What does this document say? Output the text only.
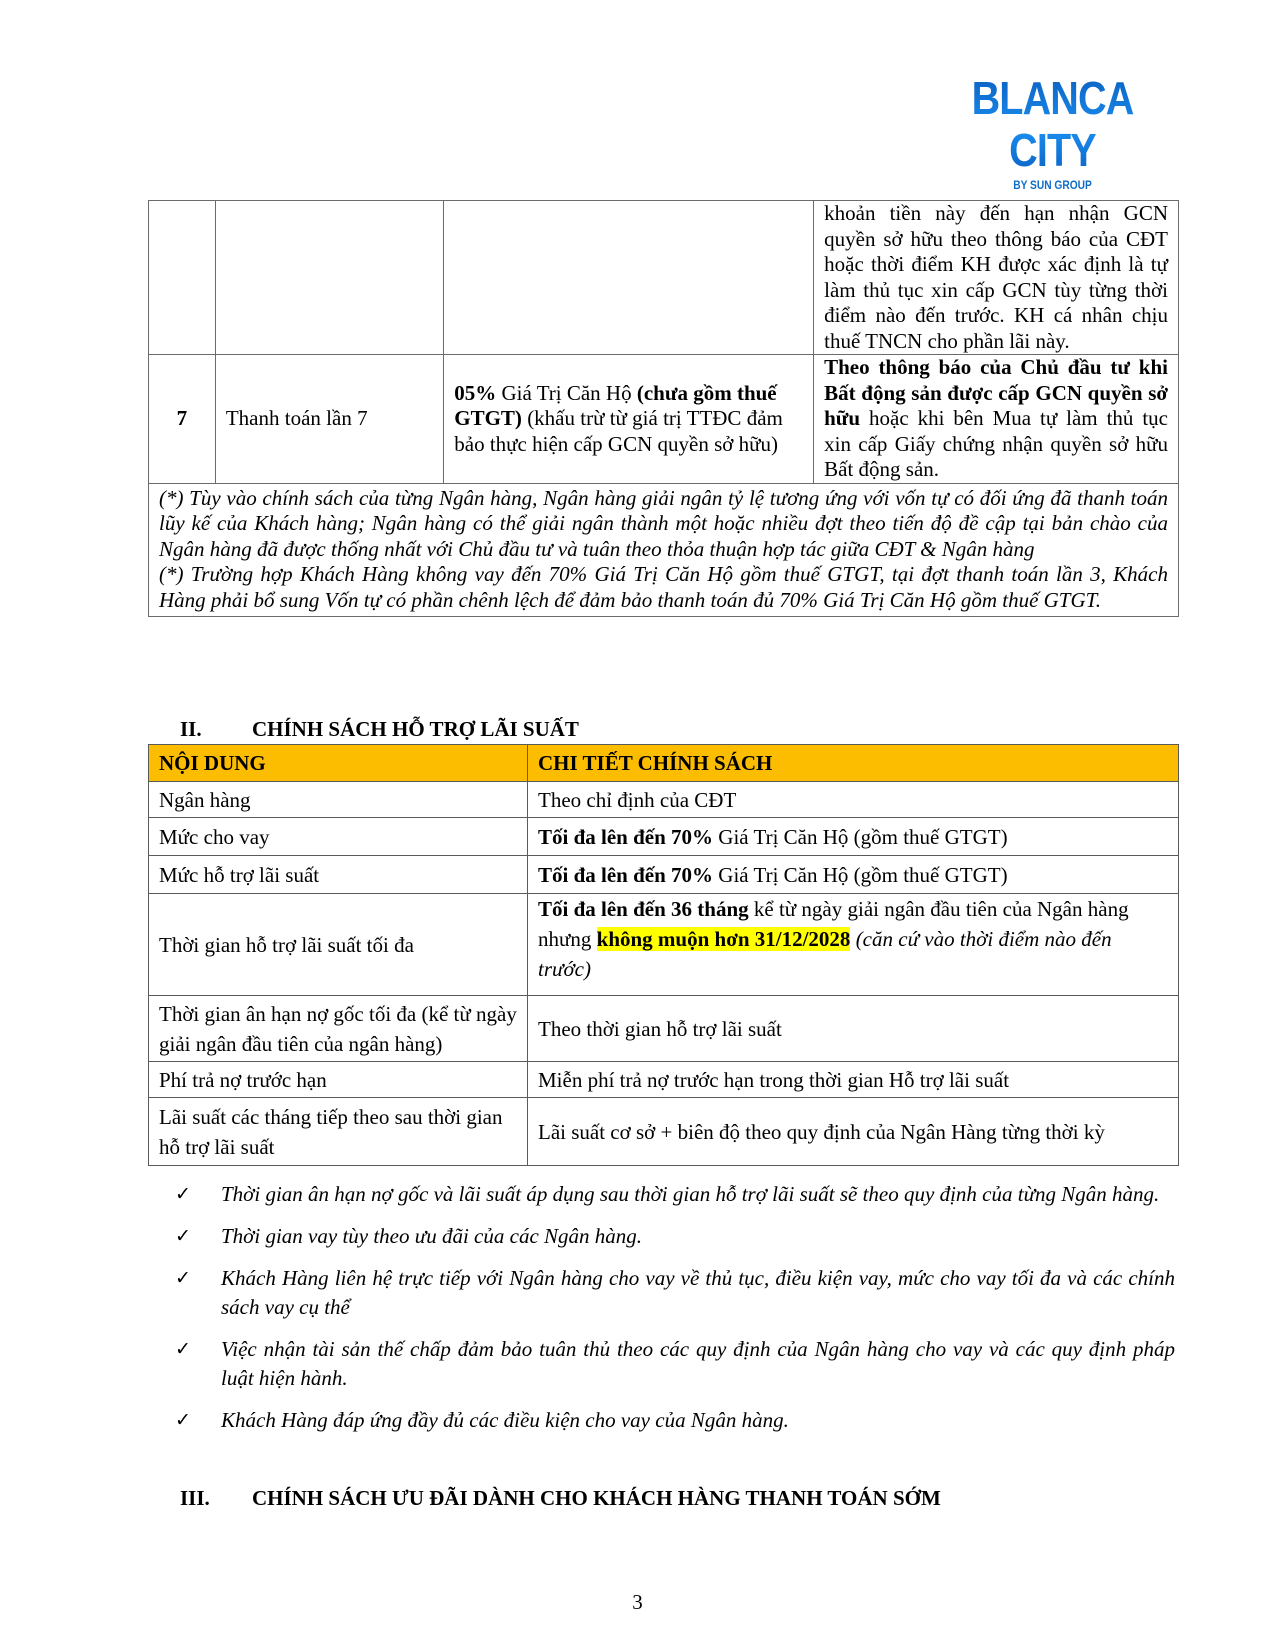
BLANCA CITY
BY SUN GROUP
			khoản tiền này đến hạn nhận GCN quyền sở hữu theo thông báo của CĐT hoặc thời điểm KH được xác định là tự làm thủ tục xin cấp GCN tùy từng thời điểm nào đến trước. KH cá nhân chịu thuế TNCN cho phần lãi này.
7	Thanh toán lần 7	05% Giá Trị Căn Hộ (chưa gồm thuế GTGT) (khấu trừ từ giá trị TTĐC đảm bảo thực hiện cấp GCN quyền sở hữu)	Theo thông báo của Chủ đầu tư khi Bất động sản được cấp GCN quyền sở hữu hoặc khi bên Mua tự làm thủ tục xin cấp Giấy chứng nhận quyền sở hữu Bất động sản.

(*) Tùy vào chính sách của từng Ngân hàng, Ngân hàng giải ngân tỷ lệ tương ứng với vốn tự có đối ứng đã thanh toán lũy kế của Khách hàng; Ngân hàng có thể giải ngân thành một hoặc nhiều đợt theo tiến độ đề cập tại bản chào của Ngân hàng đã được thống nhất với Chủ đầu tư và tuân theo thỏa thuận hợp tác giữa CĐT & Ngân hàng
(*) Trường hợp Khách Hàng không vay đến 70% Giá Trị Căn Hộ gồm thuế GTGT, tại đợt thanh toán lần 3, Khách Hàng phải bổ sung Vốn tự có phần chênh lệch để đảm bảo thanh toán đủ 70% Giá Trị Căn Hộ gồm thuế GTGT.			
II. CHÍNH SÁCH HỖ TRỢ LÃI SUẤT
NỘI DUNG	CHI TIẾT CHÍNH SÁCH
Ngân hàng	Theo chỉ định của CĐT
Mức cho vay	Tối đa lên đến 70% Giá Trị Căn Hộ (gồm thuế GTGT)
Mức hỗ trợ lãi suất	Tối đa lên đến 70% Giá Trị Căn Hộ (gồm thuế GTGT)
Thời gian hỗ trợ lãi suất tối đa	Tối đa lên đến 36 tháng kể từ ngày giải ngân đầu tiên của Ngân hàng nhưng không muộn hơn 31/12/2028 (căn cứ vào thời điểm nào đến trước)
Thời gian ân hạn nợ gốc tối đa (kể từ ngày giải ngân đầu tiên của ngân hàng)	Theo thời gian hỗ trợ lãi suất
Phí trả nợ trước hạn	Miễn phí trả nợ trước hạn trong thời gian Hỗ trợ lãi suất
Lãi suất các tháng tiếp theo sau thời gian hỗ trợ lãi suất	Lãi suất cơ sở + biên độ theo quy định của Ngân Hàng từng thời kỳ
✓ Thời gian ân hạn nợ gốc và lãi suất áp dụng sau thời gian hỗ trợ lãi suất sẽ theo quy định của từng Ngân hàng.
✓ Thời gian vay tùy theo ưu đãi của các Ngân hàng.
✓ Khách Hàng liên hệ trực tiếp với Ngân hàng cho vay về thủ tục, điều kiện vay, mức cho vay tối đa và các chính sách vay cụ thể
✓ Việc nhận tài sản thế chấp đảm bảo tuân thủ theo các quy định của Ngân hàng cho vay và các quy định pháp luật hiện hành.
✓ Khách Hàng đáp ứng đầy đủ các điều kiện cho vay của Ngân hàng.
III. CHÍNH SÁCH ƯU ĐÃI DÀNH CHO KHÁCH HÀNG THANH TOÁN SỚM
3
